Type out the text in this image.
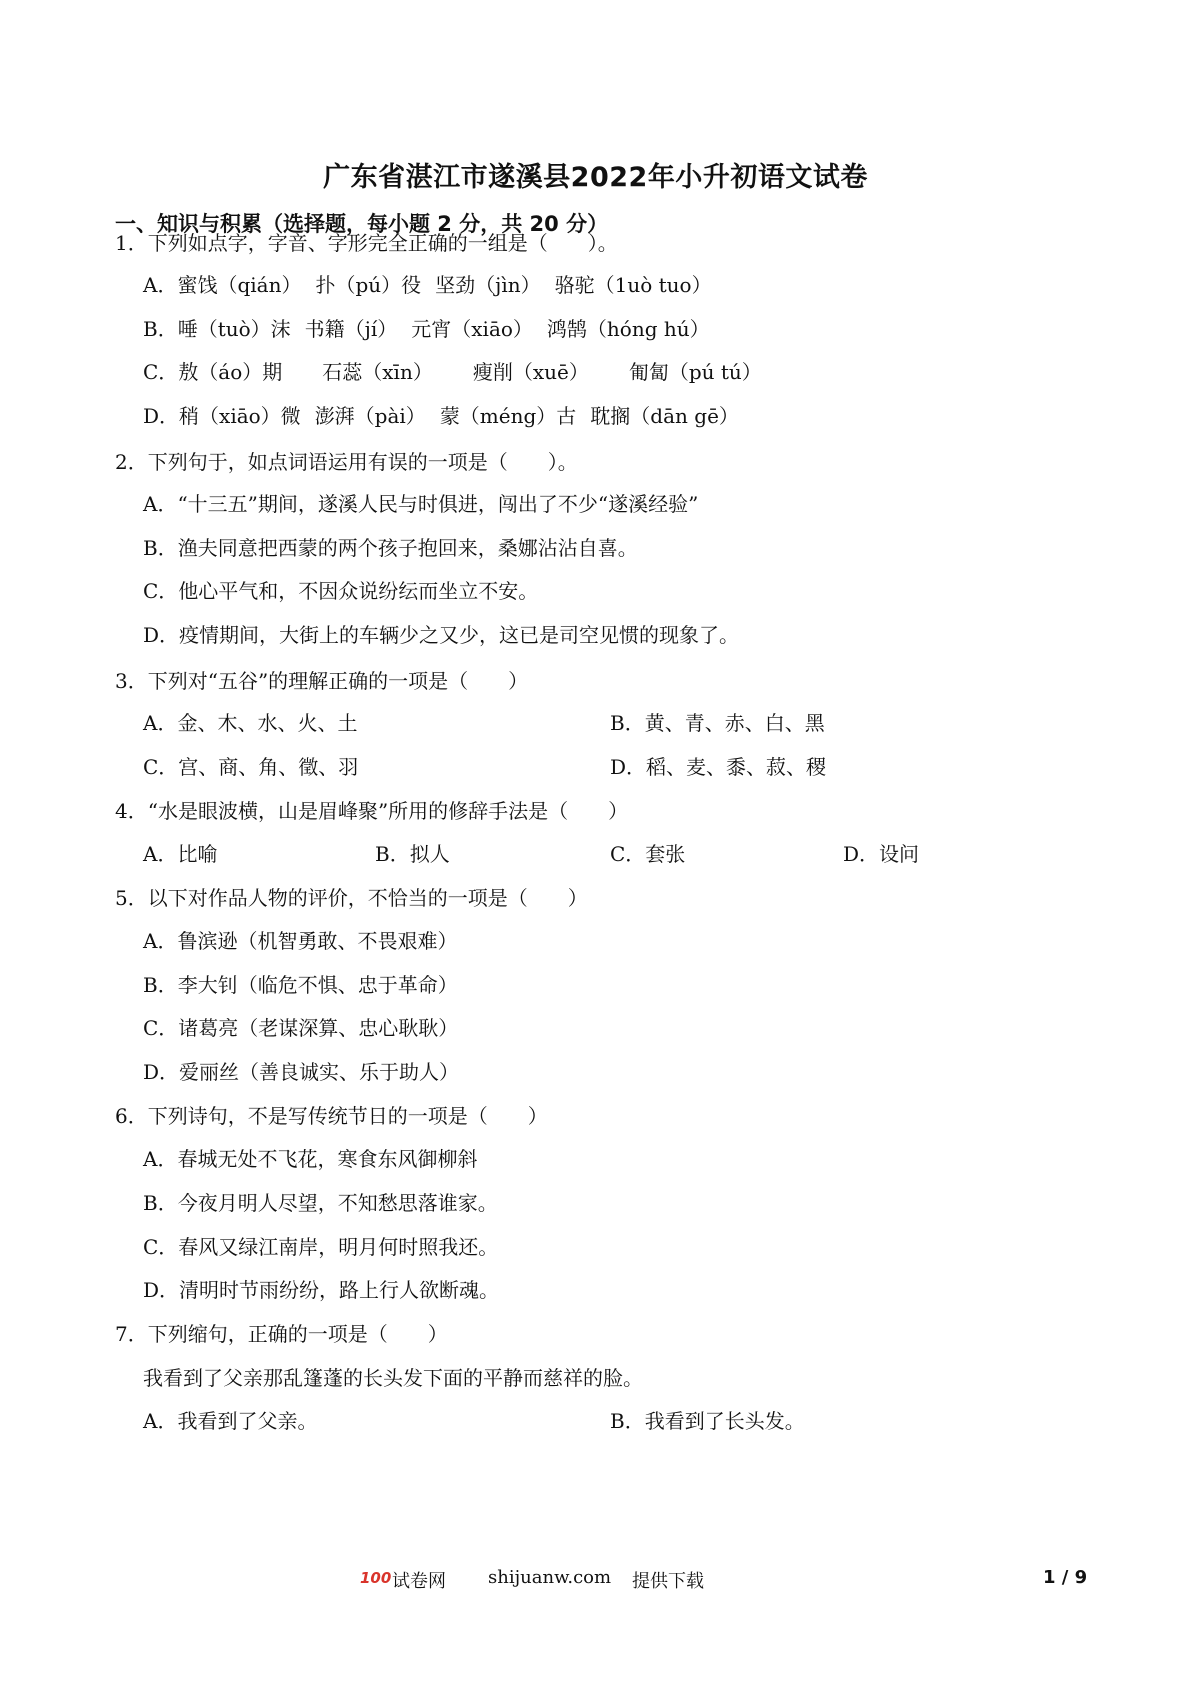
广东省湛江市遂溪县2022年小升初语文试卷
一、知识与积累（选择题，每小题 2 分，共 20 分）
1．下列如点字，字音、字形完全正确的一组是（　　）。
A．蜜饯（qián） 扑（pú）役 坚劲（jìn） 骆驼（1uò tuo）
B．唾（tuò）沫 书籍（jí） 元宵（xiāo） 鸿鹄（hóng hú）
C．敖（áo）期 石蕊（xīn） 瘦削（xuē） 匍匐（pú tú）
D．稍（xiāo）微 澎湃（pài） 蒙（méng）古 耽搁（dān gē）
2．下列句于，如点词语运用有误的一项是（　　）。
A．“十三五”期间，遂溪人民与时俱进，闯出了不少“遂溪经验”
B．渔夫同意把西蒙的两个孩子抱回来，桑娜沾沾自喜。
C．他心平气和，不因众说纷纭而坐立不安。
D．疫情期间，大街上的车辆少之又少，这已是司空见惯的现象了。
3．下列对“五谷”的理解正确的一项是（　　）
A．金、木、水、火、土	B．黄、青、赤、白、黑
C．宫、商、角、徵、羽	D．稻、麦、黍、菽、稷
4．“水是眼波横，山是眉峰聚”所用的修辞手法是（　　）
A．比喻	B．拟人	C．套张	D．设问
5．以下对作品人物的评价，不恰当的一项是（　　）
A．鲁滨逊（机智勇敢、不畏艰难）
B．李大钊（临危不惧、忠于革命）
C．诸葛亮（老谋深算、忠心耿耿）
D．爱丽丝（善良诚实、乐于助人）
6．下列诗句，不是写传统节日的一项是（　　）
A．春城无处不飞花，寒食东风御柳斜
B．今夜月明人尽望，不知愁思落谁家。
C．春风又绿江南岸，明月何时照我还。
D．清明时节雨纷纷，路上行人欲断魂。
7．下列缩句，正确的一项是（　　）
我看到了父亲那乱篷蓬的长头发下面的平静而慈祥的脸。
A．我看到了父亲。	B．我看到了长头发。
100 试卷网 shijuanw.com 提供下载	1 / 9
